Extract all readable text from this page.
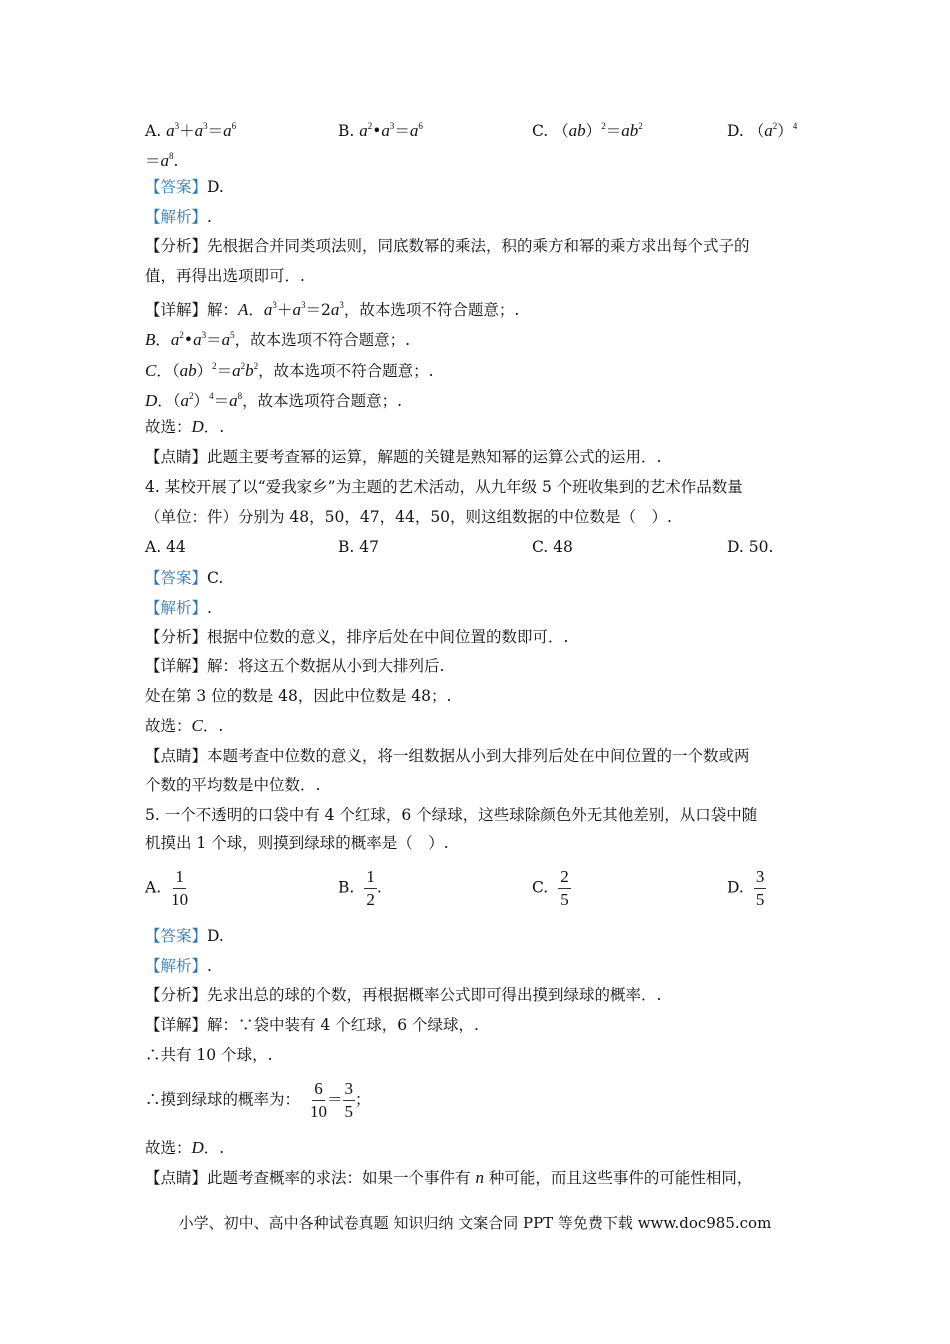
A. $a^3+a^3=a^6$	B. $a^2•a^3=a^6$	C. $(ab)^2=ab^2$	D. $(a^2)^4$
$=a^8$.
【答案】D.
【解析】.
【分析】先根据合并同类项法则，同底数幂的乘法，积的乘方和幂的乘方求出每个式子的
值，再得出选项即可．.
【详解】解：A．$a^3+a^3=2a^3$，故本选项不符合题意；.
B．$a^2•a^3=a^5$，故本选项不符合题意；.
C．$(ab)^2=a^2b^2$，故本选项不符合题意；.
D．$(a^2)^4=a^8$，故本选项符合题意；.
故选：D．.
【点睛】此题主要考查幂的运算，解题的关键是熟知幂的运算公式的运用．.
4. 某校开展了以“爱我家乡”为主题的艺术活动，从九年级 5 个班收集到的艺术作品数量
（单位：件）分别为 48，50，47，44，50，则这组数据的中位数是（　）.
A. 44
【答案】C.
【解析】.
【分析】根据中位数的意义，排序后处在中间位置的数即可．.
【详解】解：将这五个数据从小到大排列后.
处在第 3 位的数是 48，因此中位数是 48；.
故选：C．.
【点睛】本题考查中位数的意义，将一组数据从小到大排列后处在中间位置的一个数或两
个数的平均数是中位数．.
5. 一个不透明的口袋中有 4 个红球，6 个绿球，这些球除颜色外无其他差别，从口袋中随
机摸出 1 个球，则摸到绿球的概率是（　）.
【答案】D.
【解析】.
【分析】先求出总的球的个数，再根据概率公式即可得出摸到绿球的概率．.
【详解】解：∵袋中装有 4 个红球，6 个绿球，.
∴共有 10 个球，.
故选：D．.
【点睛】此题考查概率的求法：如果一个事件有 n 种可能，而且这些事件的可能性相同，
B. 47	C. 48	D. 50.
A. $\frac{1}{10}$	B. $\frac{1}{2}$ .	C. $\frac{2}{5}$	D. $\frac{3}{5}$
∴摸到绿球的概率为： $\frac{6}{10} = \frac{3}{5}$ ；
小学、初中、高中各种试卷真题 知识归纳 文案合同 PPT 等免费下载 www.doc985.com
